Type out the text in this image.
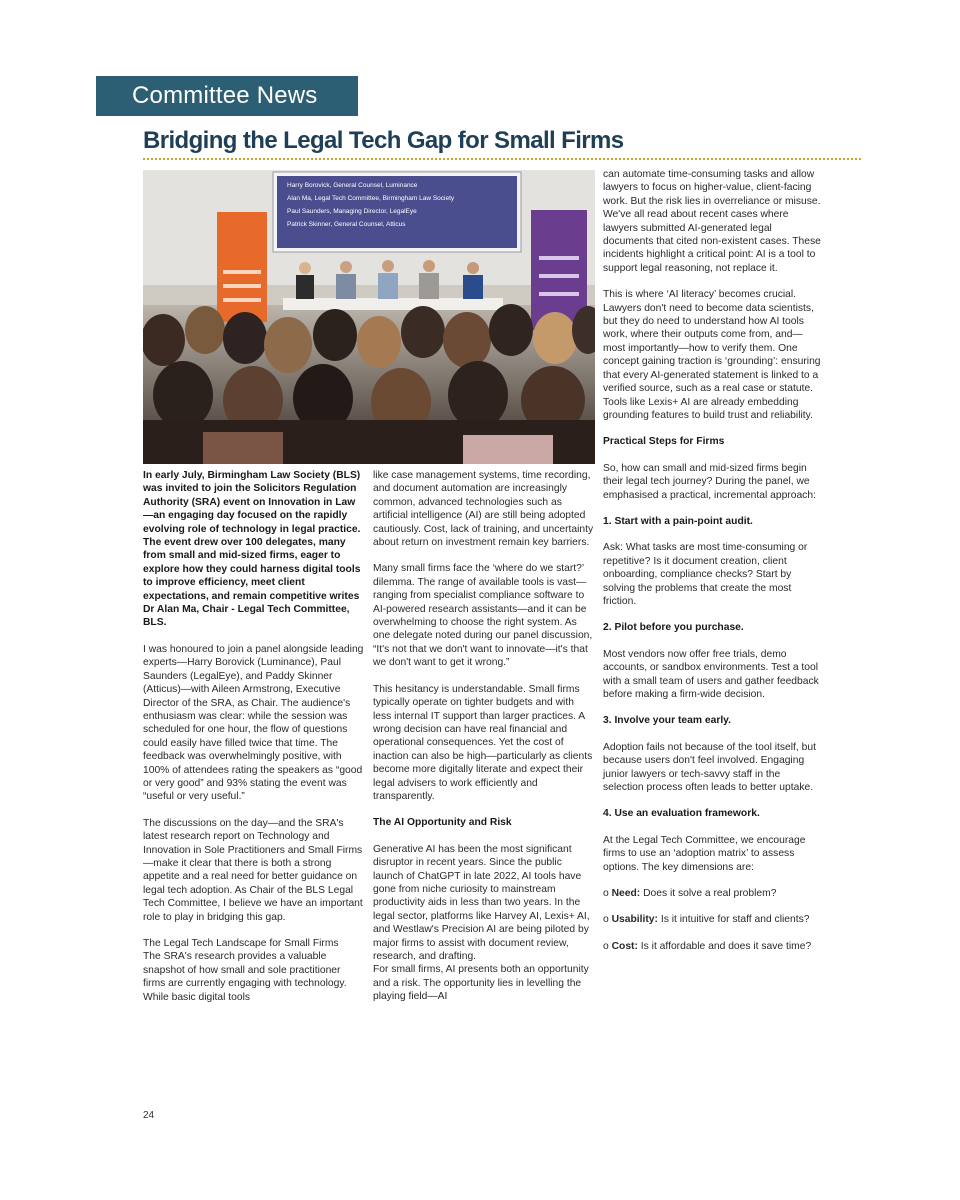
Committee News
Bridging the Legal Tech Gap for Small Firms
Harry Borovick, General Counsel, Luminance
Alan Ma, Legal Tech Committee, Birmingham Law Society
Paul Saunders, Managing Director, LegalEye
Patrick Skinner, General Counsel, Atticus

In early July, Birmingham Law Society (BLS) was invited to join the Solicitors Regulation Authority (SRA) event on Innovation in Law—an engaging day focused on the rapidly evolving role of technology in legal practice. The event drew over 100 delegates, many from small and mid-sized firms, eager to explore how they could harness digital tools to improve efficiency, meet client expectations, and remain competitive writes Dr Alan Ma, Chair - Legal Tech Committee, BLS.

I was honoured to join a panel alongside leading experts—Harry Borovick (Luminance), Paul Saunders (LegalEye), and Paddy Skinner (Atticus)—with Aileen Armstrong, Executive Director of the SRA, as Chair. The audience's enthusiasm was clear: while the session was scheduled for one hour, the flow of questions could easily have filled twice that time. The feedback was overwhelmingly positive, with 100% of attendees rating the speakers as “good or very good” and 93% stating the event was “useful or very useful.”

The discussions on the day—and the SRA's latest research report on Technology and Innovation in Sole Practitioners and Small Firms—make it clear that there is both a strong appetite and a real need for better guidance on legal tech adoption. As Chair of the BLS Legal Tech Committee, I believe we have an important role to play in bridging this gap.

The Legal Tech Landscape for Small Firms
The SRA's research provides a valuable snapshot of how small and sole practitioner firms are currently engaging with technology. While basic digital tools

like case management systems, time recording, and document automation are increasingly common, advanced technologies such as artificial intelligence (AI) are still being adopted cautiously. Cost, lack of training, and uncertainty about return on investment remain key barriers.

Many small firms face the ‘where do we start?’ dilemma. The range of available tools is vast—ranging from specialist compliance software to AI-powered research assistants—and it can be overwhelming to choose the right system. As one delegate noted during our panel discussion, “It's not that we don't want to innovate—it's that we don't want to get it wrong.”

This hesitancy is understandable. Small firms typically operate on tighter budgets and with less internal IT support than larger practices. A wrong decision can have real financial and operational consequences. Yet the cost of inaction can also be high—particularly as clients become more digitally literate and expect their legal advisers to work efficiently and transparently.

The AI Opportunity and Risk

Generative AI has been the most significant disruptor in recent years. Since the public launch of ChatGPT in late 2022, AI tools have gone from niche curiosity to mainstream productivity aids in less than two years. In the legal sector, platforms like Harvey AI, Lexis+ AI, and Westlaw's Precision AI are being piloted by major firms to assist with document review, research, and drafting.

For small firms, AI presents both an opportunity and a risk. The opportunity lies in levelling the playing field—AI

can automate time-consuming tasks and allow lawyers to focus on higher-value, client-facing work. But the risk lies in overreliance or misuse. We've all read about recent cases where lawyers submitted AI-generated legal documents that cited non-existent cases. These incidents highlight a critical point: AI is a tool to support legal reasoning, not replace it.

This is where ‘AI literacy’ becomes crucial. Lawyers don't need to become data scientists, but they do need to understand how AI tools work, where their outputs come from, and—most importantly—how to verify them. One concept gaining traction is ‘grounding’: ensuring that every AI-generated statement is linked to a verified source, such as a real case or statute. Tools like Lexis+ AI are already embedding grounding features to build trust and reliability.

Practical Steps for Firms

So, how can small and mid-sized firms begin their legal tech journey? During the panel, we emphasised a practical, incremental approach:

1. Start with a pain-point audit.

Ask: What tasks are most time-consuming or repetitive? Is it document creation, client onboarding, compliance checks? Start by solving the problems that create the most friction.

2. Pilot before you purchase.

Most vendors now offer free trials, demo accounts, or sandbox environments. Test a tool with a small team of users and gather feedback before making a firm-wide decision.

3. Involve your team early.

Adoption fails not because of the tool itself, but because users don't feel involved. Engaging junior lawyers or tech-savvy staff in the selection process often leads to better uptake.

4. Use an evaluation framework.

At the Legal Tech Committee, we encourage firms to use an ‘adoption matrix’ to assess options. The key dimensions are:

o Need: Does it solve a real problem?

o Usability: Is it intuitive for staff and clients?

o Cost: Is it affordable and does it save time?

24
